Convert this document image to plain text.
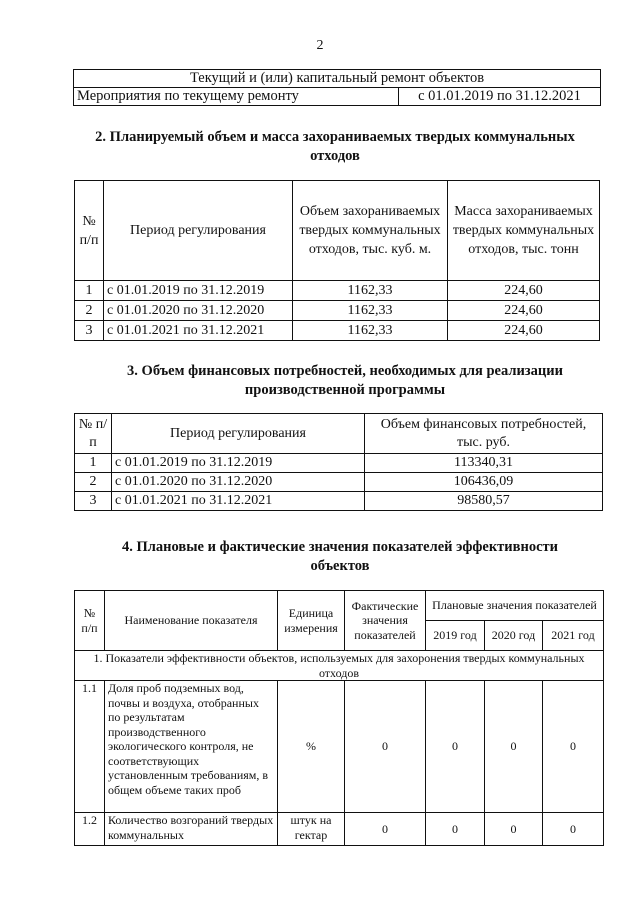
2
Текущий и (или) капитальный ремонт объектов
Мероприятия по текущему ремонту	с 01.01.2019 по 31.12.2021
2. Планируемый объем и масса захораниваемых твердых коммунальных
отходов
№ п/п	Период регулирования	Объем захораниваемых твердых коммунальных отходов, тыс. куб. м.	Масса захораниваемых твердых коммунальных отходов, тыс. тонн
1	с 01.01.2019 по 31.12.2019	1162,33	224,60
2	с 01.01.2020 по 31.12.2020	1162,33	224,60
3	с 01.01.2021 по 31.12.2021	1162,33	224,60
3. Объем финансовых потребностей, необходимых для реализации
производственной программы
№ п/п	Период регулирования	Объем финансовых потребностей, тыс. руб.
1	с 01.01.2019 по 31.12.2019	113340,31
2	с 01.01.2020 по 31.12.2020	106436,09
3	с 01.01.2021 по 31.12.2021	98580,57
4. Плановые и фактические значения показателей эффективности
объектов
№ п/п	Наименование показателя	Единица измерения	Фактические значения показателей	Плановые значения показателей		
				2019 год	2020 год	2021 год
1. Показатели эффективности объектов, используемых для захоронения твердых коммунальных отходов						
1.1	Доля проб подземных вод, почвы и воздуха, отобранных по результатам производственного экологического контроля, не соответствующих установленным требованиям, в общем объеме таких проб	%	0	0	0	0
1.2	Количество возгораний твердых коммунальных	штук на гектар	0	0	0	0
